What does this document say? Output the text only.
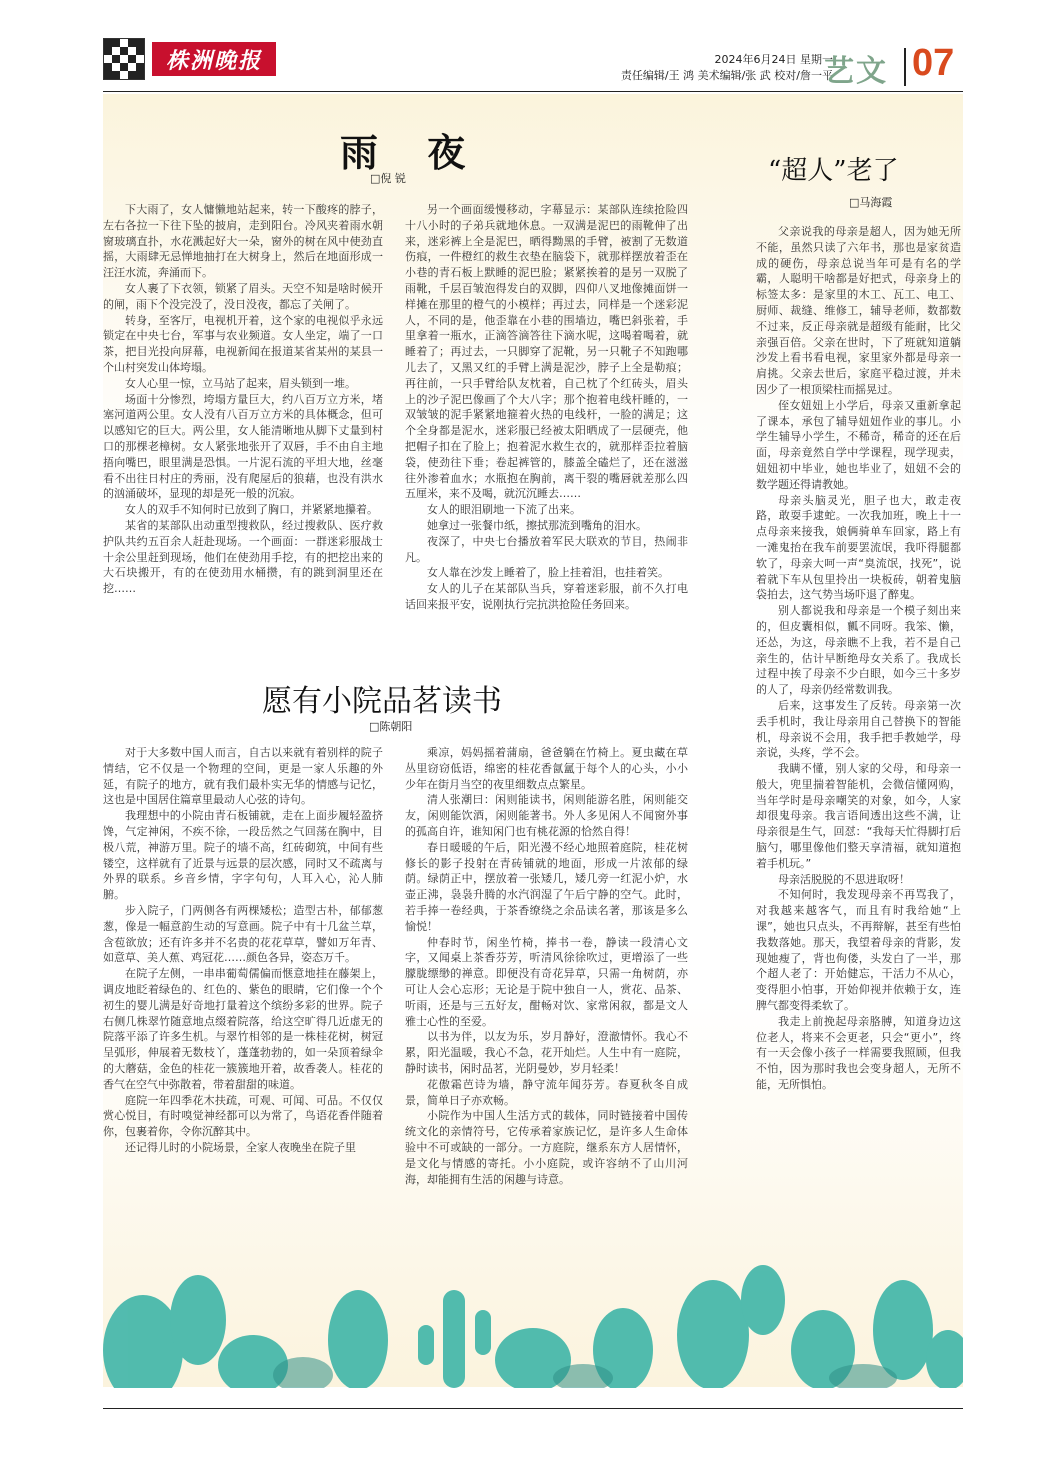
株洲晚报	2024年6月24日 星期一
责任编辑/王 鸿 美术编辑/张 武 校对/詹一平
艺文 07
雨 夜
□倪 锐

下大雨了，女人慵懒地站起来，转一下酸疼的脖子，左右各拉一下往下坠的披肩，走到阳台。冷风夹着雨水朝窗玻璃直扑，水花溅起好大一朵，窗外的树在风中使劲直摇，大雨肆无忌惮地抽打在大树身上，然后在地面形成一汪汪水流，奔涌而下。

女人裹了下衣领，锁紧了眉头。天空不知是啥时候开的闸，雨下个没完没了，没日没夜，都忘了关闸了。

转身，至客厅，电视机开着，这个家的电视似乎永远锁定在中央七台，军事与农业频道。女人坐定，端了一口茶，把目光投向屏幕，电视新闻在报道某省某州的某县一个山村突发山体垮塌。

女人心里一惊，立马站了起来，眉头锁到一堆。

场面十分惨烈，垮塌方量巨大，约八百万立方米，堵塞河道两公里。女人没有八百万立方米的具体概念，但可以感知它的巨大。两公里，女人能清晰地从脚下丈量到村口的那棵老樟树。女人紧张地张开了双唇，手不由自主地捂向嘴巴，眼里满是恐惧。一片泥石流的平坦大地，丝毫看不出往日村庄的秀丽，没有爬屋后的狼藉，也没有洪水的汹涌破坏，显现的却是死一般的沉寂。

女人的双手不知何时已放到了胸口，并紧紧地攥着。

某省的某部队出动重型搜救队，经过搜救队、医疗救护队共约五百余人赶赴现场。一个画面：一群迷彩服战士十余公里赶到现场，他们在使劲用手挖，有的把挖出来的大石块搬开，有的在使劲用水桶攒，有的跳到洞里还在挖……

另一个画面缓慢移动，字幕显示：某部队连续抢险四十八小时的子弟兵就地休息。一双满是泥巴的雨靴伸了出来，迷彩裤上全是泥巴，晒得黝黑的手臂，被割了无数道伤痕，一件橙红的救生衣垫在脑袋下，就那样摆放着歪在小巷的青石板上默睡的泥巴脸；紧紧挨着的是另一双脱了雨靴，千层百皱泡得发白的双脚，四仰八叉地像摊面饼一样摊在那里的橙气的小模样；再过去，同样是一个迷彩泥人，不同的是，他歪靠在小巷的围墙边，嘴巴斜张着，手里拿着一瓶水，正滴答滴答往下滴水呢，这喝着喝着，就睡着了；再过去，一只脚穿了泥靴，另一只靴子不知跑哪儿去了，又黑又红的手臂上满是泥沙，脖子上全是勒痕；再往前，一只手臂给队友枕着，自己枕了个红砖头，眉头上的沙子泥巴像画了个大八字；那个抱着电线杆睡的，一双皱皱的泥手紧紧地箍着火热的电线杆，一脸的满足；这个全身都是泥水，迷彩服已经被太阳晒成了一层硬壳，他把帽子扣在了脸上；抱着泥水救生衣的，就那样歪拉着脑袋，使劲往下垂；卷起裤管的，膝盖全磕烂了，还在滋滋往外渗着血水；水瓶抱在胸前，离干裂的嘴唇就差那么四五厘米，来不及喝，就沉沉睡去……

女人的眼泪刷地一下流了出来。

她拿过一张餐巾纸，擦拭那流到嘴角的泪水。

夜深了，中央七台播放着军民大联欢的节目，热闹非凡。

女人靠在沙发上睡着了，脸上挂着泪，也挂着笑。

女人的儿子在某部队当兵，穿着迷彩服，前不久打电话回来报平安，说刚执行完抗洪抢险任务回来。

“超人”老了
□马海霞

父亲说我的母亲是超人，因为她无所不能，虽然只读了六年书，那也是家贫造成的硬伤，母亲总说当年可是有名的学霸，人聪明干啥都是好把式，母亲身上的标签太多：是家里的木工、瓦工、电工、厨师、裁缝、维修工，辅导老师，数都数不过来，反正母亲就是超级有能耐，比父亲强百倍。父亲在世时，下了班就知道躺沙发上看书看电视，家里家外都是母亲一肩挑。父亲去世后，家庭平稳过渡，并未因少了一根顶梁柱而摇晃过。

侄女妞妞上小学后，母亲又重新拿起了课本，承包了辅导妞妞作业的事儿。小学生辅导小学生，不稀奇，稀奇的还在后面，母亲竟然自学中学课程，现学现卖，妞妞初中毕业，她也毕业了，妞妞不会的数学题还得请教她。

母亲头脑灵光，胆子也大，敢走夜路，敢耍手逮蛇。一次我加班，晚上十一点母亲来接我，娘俩骑单车回家，路上有一滩鬼抬在我车前要罢流氓，我吓得腿都软了，母亲大呵一声“臭流氓，找死”，说着就下车从包里拎出一块板砖，朝着鬼脑袋拍去，这气势当场吓退了醉鬼。

别人都说我和母亲是一个模子刻出来的，但皮囊相似，瓤不同呀。我笨、懒，还怂，为这，母亲瞧不上我，若不是自己亲生的，估计早断绝母女关系了。我成长过程中挨了母亲不少白眼，如今三十多岁的人了，母亲仍经常数训我。

后来，这事发生了反转。母亲第一次丢手机时，我让母亲用自己替换下的智能机，母亲说不会用，我手把手教她学，母亲说，头疼，学不会。

我瞒不懂，别人家的父母，和母亲一般大，兜里揣着智能机，会微信懂网购，当年学时是母亲嘲笑的对象，如今，人家却很鬼母亲。我言语间透出这些不满，让母亲很是生气，回怼：“我每天忙得脚打后脑勺，哪里像他们整天享清福，就知道抱着手机玩。”

母亲活脱脱的不思进取呀！

不知何时，我发现母亲不再骂我了，对我越来越客气，而且有时我给她“上课”，她也只点头，不再辩解，甚至有些怕我数落她。那天，我望着母亲的背影，发现她瘦了，背也佝偻，头发白了一半，那个超人老了：开始健忘，干活力不从心，变得胆小怕事，开始仰视并依赖于女，连脾气都变得柔软了。

我走上前挽起母亲胳膊，知道身边这位老人，将来不会更老，只会“更小”，终有一天会像小孩子一样需要我照顾，但我不怕，因为那时我也会变身超人，无所不能，无所惧怕。

愿有小院品茗读书
□陈朝阳

对于大多数中国人而言，自古以来就有着别样的院子情结，它不仅是一个物理的空间，更是一家人乐趣的外延，有院子的地方，就有我们最朴实无华的情感与记忆，这也是中国居住篇章里最动人心弦的诗句。

我理想中的小院由青石板铺就，走在上面步履轻盈挤馋，气定神闲，不疾不徐，一段岳然之气回荡在胸中，目极八荒，神游万里。院子的墙不高，红砖砌筑，中间有些镂空，这样就有了近景与远景的层次感，同时又不疏离与外界的联系。乡音乡情，字字句句，人耳入心，沁人肺腑。

步入院子，门两侧各有两棵矮松；造型古朴，郁郁葱葱，像是一幅意韵生动的写意画。院子中有十几盆兰草，含苞欲放；还有许多并不名贵的花花草草，譬如万年青、如意草、美人蕉、鸡冠花……颜色各异，姿态万千。

在院子左侧，一串串葡萄儒偏而惬意地挂在藤架上，调皮地眨着绿色的、红色的、紫色的眼睛，它们像一个个初生的婴儿满是好奇地打量着这个缤纷多彩的世界。院子右侧几株翠竹随意地点缀着院落，给这空旷得几近虚无的院落平添了许多生机。与翠竹相邻的是一株桂花树，树冠呈弧形，伸展着无数枝丫，蓬蓬勃勃的，如一朵顶着绿伞的大蘑菇，金色的桂花一簇簇地开着，故香袭人。桂花的香气在空气中弥散着，带着甜甜的味道。

庭院一年四季花木扶疏，可观、可闻、可品。不仅仅赏心悦目，有时嗅觉神经都可以为常了，鸟语花香伴随着你，包裹着你，令你沉醉其中。

还记得儿时的小院场景，全家人夜晚坐在院子里

乘凉，妈妈摇着蒲扇，爸爸躺在竹椅上。夏虫藏在草丛里窃窃低语，绵密的桂花香氤氲于每个人的心头，小小少年在街月当空的夜里细数点点繁星。

清人张潮曰：闲则能读书，闲则能游名胜，闲则能交友，闲则能饮酒，闲则能著书。外人多见闲人不闻窗外事的孤高自许，谁知闲门也有桃花源的恰然自得！

春日暖暖的午后，阳光漫不经心地照着庭院，桂花树修长的影子投射在青砖铺就的地面，形成一片浓郁的绿荫。绿荫正中，摆放着一张矮几，矮几旁一红泥小炉，水壶正沸，袅袅升腾的水汽润湿了午后宁静的空气。此时，若手捧一卷经典，于茶香缭绕之余品读名著，那该是多么愉悦！

仲春时节，闲坐竹椅，捧书一卷，静读一段清心文字，又闻桌上茶香芬芳，听清风徐徐吹过，更增添了一些朦胧缥缈的禅意。即便没有奇花异草，只需一角树荫，亦可让人会心忘形；无论是于院中独自一人，赏花、品茶、听雨，还是与三五好友，酣畅对饮、家常闲叙，都是文人雅士心性的至爱。

以书为伴，以友为乐，岁月静好，澄澈情怀。我心不累，阳光温暖，我心不急，花开灿烂。人生中有一庭院，静时读书，闲时品茗，光阴曼妙，岁月轻柔！

花傲霜芭诗为墙，静守流年闻芬芳。春夏秋冬自成景，简单日子亦欢畅。

小院作为中国人生活方式的载体，同时链接着中国传统文化的亲情符号，它传承着家族记忆，是许多人生命体验中不可或缺的一部分。一方庭院，继系东方人居情怀，是文化与情感的寄托。小小庭院，或许容纳不了山川河海，却能拥有生活的闲趣与诗意。
